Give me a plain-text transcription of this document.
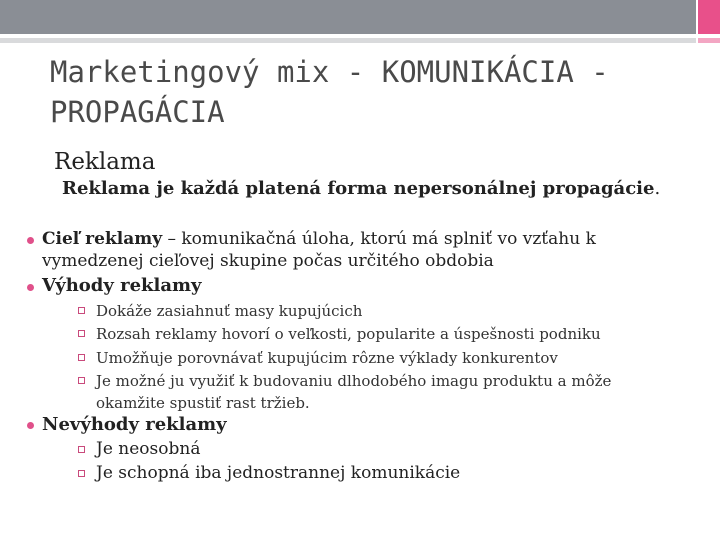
Marketingový mix - KOMUNIKÁCIA - PROPAGÁCIA
Reklama
Reklama je každá platená forma nepersonálnej propagácie.
Cieľ reklamy – komunikačná úloha, ktorú má splniť vo vzťahu k
vymedzenej cieľovej skupine počas určitého obdobia
Výhody reklamy
Dokáže zasiahnuť masy kupujúcich
Rozsah reklamy hovorí o veľkosti, popularite a úspešnosti podniku
Umožňuje porovnávať kupujúcim rôzne výklady konkurentov
Je možné ju využiť k budovaniu dlhodobého imagu produktu a môže
okamžite spustiť rast tržieb.
Nevýhody reklamy
Je neosobná
Je schopná iba jednostrannej komunikácie
